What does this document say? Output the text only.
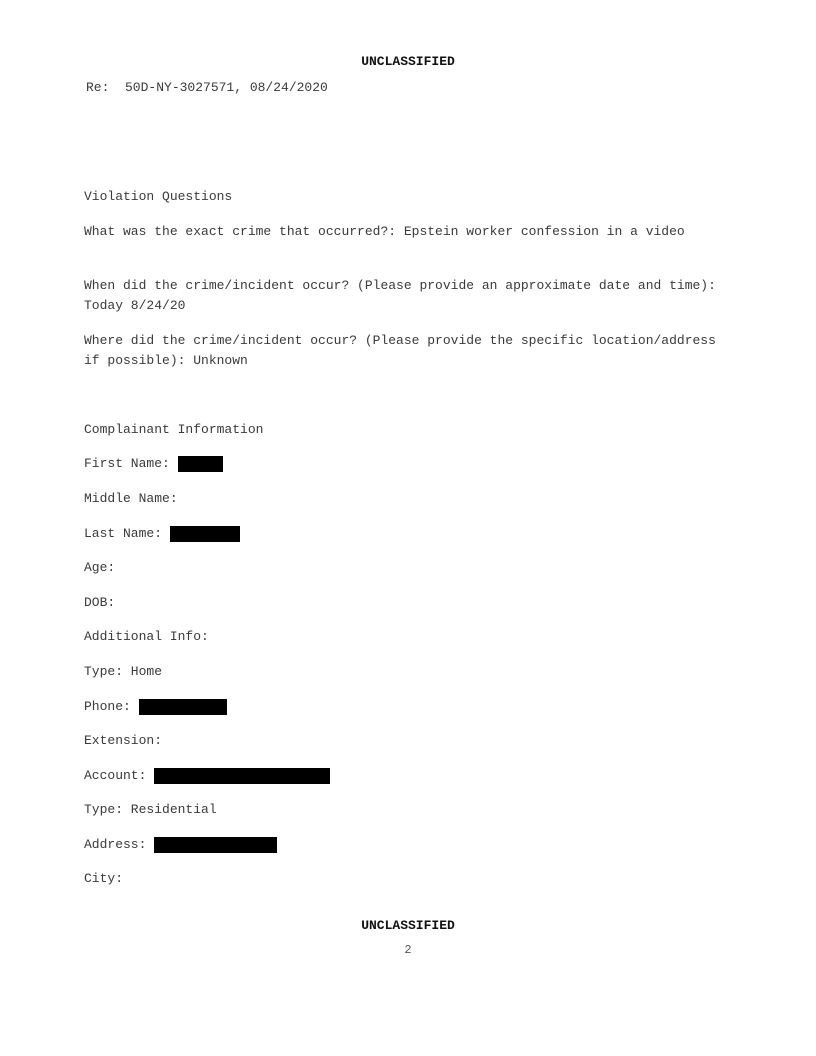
UNCLASSIFIED
Re:  50D-NY-3027571, 08/24/2020
Violation Questions
What was the exact crime that occurred?: Epstein worker confession in a video
When did the crime/incident occur? (Please provide an approximate date and time): Today 8/24/20
Where did the crime/incident occur? (Please provide the specific location/address if possible): Unknown
Complainant Information
First Name:
Middle Name:
Last Name:
Age:
DOB:
Additional Info:
Type: Home
Phone:
Extension:
Account:
Type: Residential
Address:
City:
UNCLASSIFIED
2
